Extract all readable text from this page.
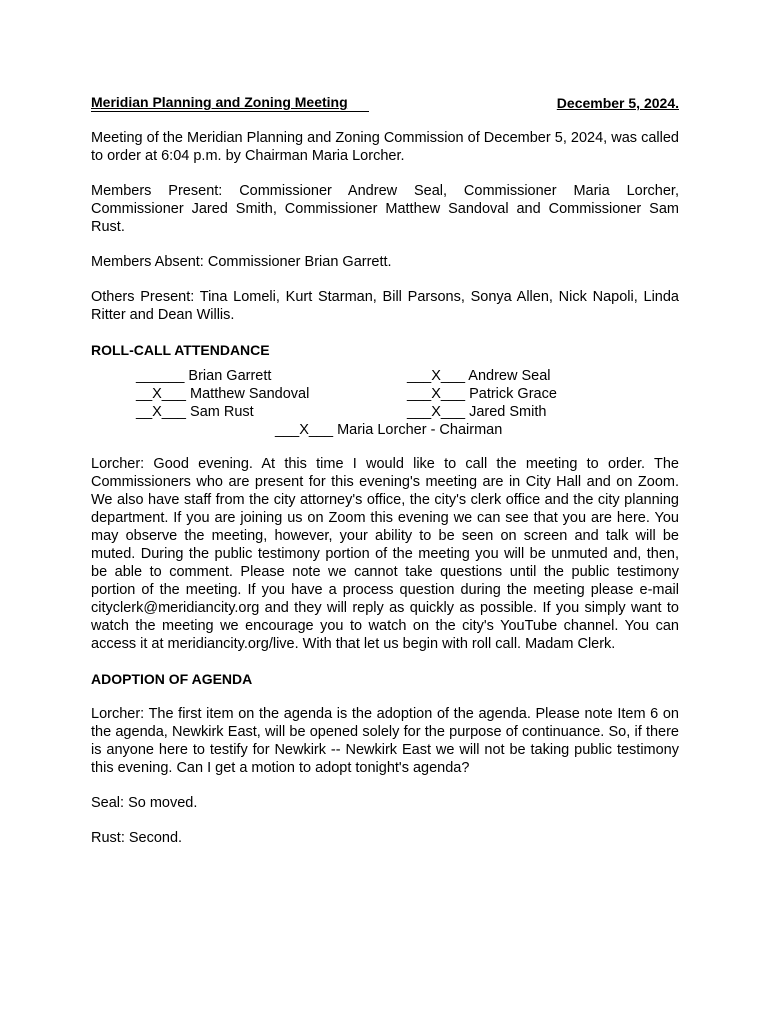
Meridian Planning and Zoning Meeting	December 5, 2024.

Meeting of the Meridian Planning and Zoning Commission of December 5, 2024, was called to order at 6:04 p.m. by Chairman Maria Lorcher.

Members Present: Commissioner Andrew Seal, Commissioner Maria Lorcher, Commissioner Jared Smith, Commissioner Matthew Sandoval and Commissioner Sam Rust.

Members Absent: Commissioner Brian Garrett.

Others Present: Tina Lomeli, Kurt Starman, Bill Parsons, Sonya Allen, Nick Napoli, Linda Ritter and Dean Willis.

ROLL-CALL ATTENDANCE
______ Brian Garrett	___X___ Andrew Seal
__X___ Matthew Sandoval	___X___ Patrick Grace
__X___ Sam Rust	___X___ Jared Smith
___X___ Maria Lorcher - Chairman

Lorcher: Good evening. At this time I would like to call the meeting to order. The Commissioners who are present for this evening's meeting are in City Hall and on Zoom. We also have staff from the city attorney's office, the city's clerk office and the city planning department. If you are joining us on Zoom this evening we can see that you are here. You may observe the meeting, however, your ability to be seen on screen and talk will be muted. During the public testimony portion of the meeting you will be unmuted and, then, be able to comment. Please note we cannot take questions until the public testimony portion of the meeting. If you have a process question during the meeting please e-mail cityclerk@meridiancity.org and they will reply as quickly as possible. If you simply want to watch the meeting we encourage you to watch on the city's YouTube channel. You can access it at meridiancity.org/live. With that let us begin with roll call. Madam Clerk.

ADOPTION OF AGENDA

Lorcher: The first item on the agenda is the adoption of the agenda. Please note Item 6 on the agenda, Newkirk East, will be opened solely for the purpose of continuance. So, if there is anyone here to testify for Newkirk -- Newkirk East we will not be taking public testimony this evening. Can I get a motion to adopt tonight's agenda?

Seal: So moved.

Rust: Second.
